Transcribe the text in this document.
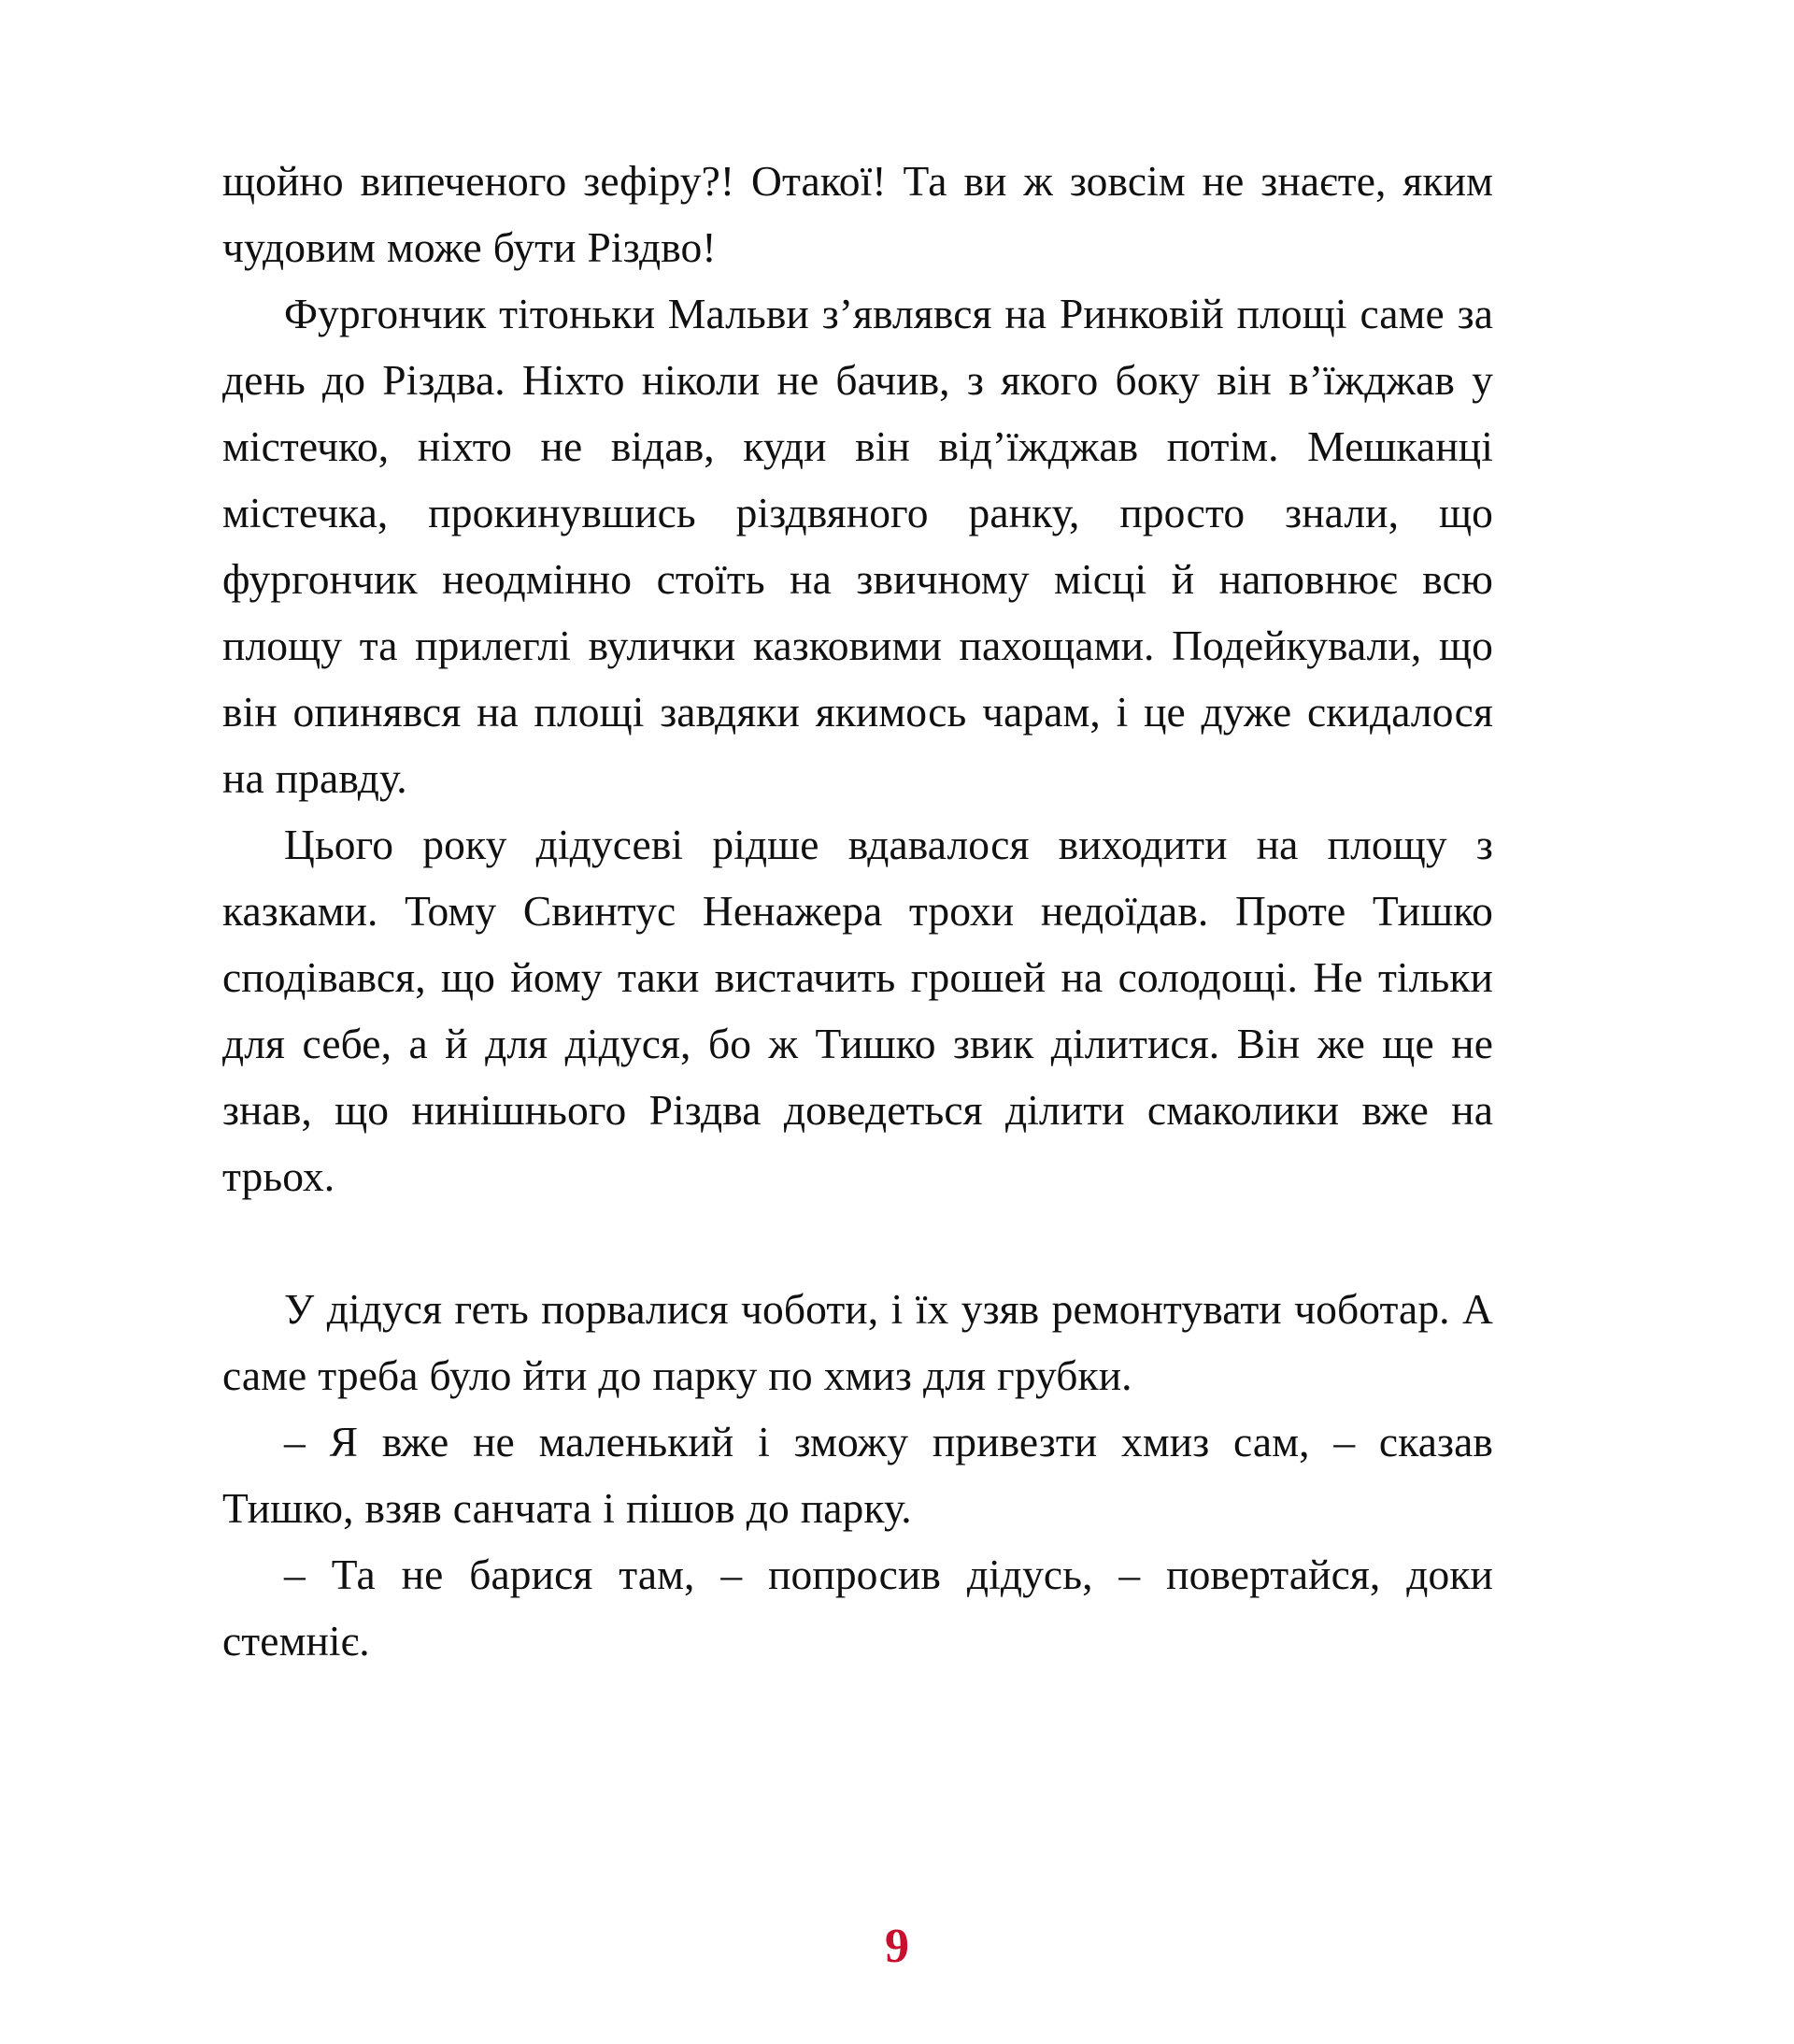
щойно випеченого зефіру?! Отакої! Та ви ж зовсім не знаєте, яким чудовим може бути Різдво!

Фургончик тітоньки Мальви з’являвся на Ринковій площі саме за день до Різдва. Ніхто ніколи не бачив, з якого боку він в’їжджав у містечко, ніхто не відав, куди він від’їжджав потім. Мешканці містечка, прокинувшись різдвяного ранку, просто знали, що фургончик неодмінно стоїть на звичному місці й наповнює всю площу та прилеглі вулички казковими пахощами. Подейкували, що він опинявся на площі завдяки якимось чарам, і це дуже скидалося на правду.

Цього року дідусеві рідше вдавалося виходити на площу з казками. Тому Свинтус Ненажера трохи недоїдав. Проте Тишко сподівався, що йому таки вистачить грошей на солодощі. Не тільки для себе, а й для дідуся, бо ж Тишко звик ділитися. Він же ще не знав, що нинішнього Різдва доведеться ділити смаколики вже на трьох.

У дідуся геть порвалися чоботи, і їх узяв ремонтувати чоботар. А саме треба було йти до парку по хмиз для грубки.

– Я вже не маленький і зможу привезти хмиз сам, – сказав Тишко, взяв санчата і пішов до парку.

– Та не барися там, – попросив дідусь, – повертайся, доки стемніє.

9
